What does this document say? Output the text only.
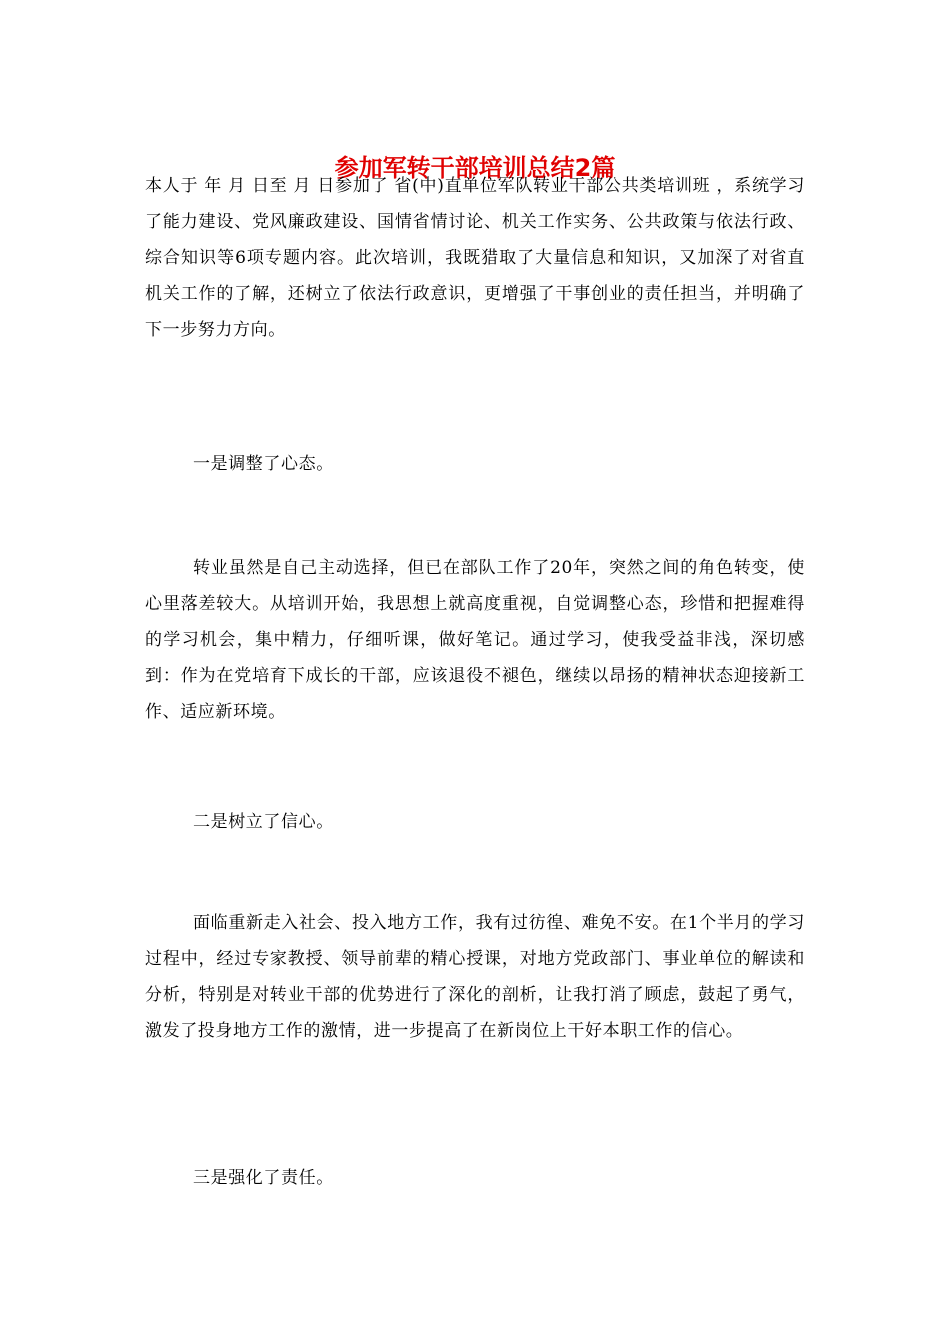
参加军转干部培训总结2篇

本人于 年 月 日至 月 日参加了 省(中)直单位军队转业干部公共类培训班 ，系统学习了能力建设、党风廉政建设、国情省情讨论、机关工作实务、公共政策与依法行政、综合知识等6项专题内容。此次培训，我既猎取了大量信息和知识，又加深了对省直机关工作的了解，还树立了依法行政意识，更增强了干事创业的责任担当，并明确了下一步努力方向。

一是调整了心态。

转业虽然是自己主动选择，但已在部队工作了20年，突然之间的角色转变，使心里落差较大。从培训开始，我思想上就高度重视，自觉调整心态，珍惜和把握难得的学习机会，集中精力，仔细听课，做好笔记。通过学习，使我受益非浅，深切感到：作为在党培育下成长的干部，应该退役不褪色，继续以昂扬的精神状态迎接新工作、适应新环境。

二是树立了信心。

面临重新走入社会、投入地方工作，我有过彷徨、难免不安。在1个半月的学习过程中，经过专家教授、领导前辈的精心授课，对地方党政部门、事业单位的解读和分析，特别是对转业干部的优势进行了深化的剖析，让我打消了顾虑，鼓起了勇气，激发了投身地方工作的激情，进一步提高了在新岗位上干好本职工作的信心。

三是强化了责任。
